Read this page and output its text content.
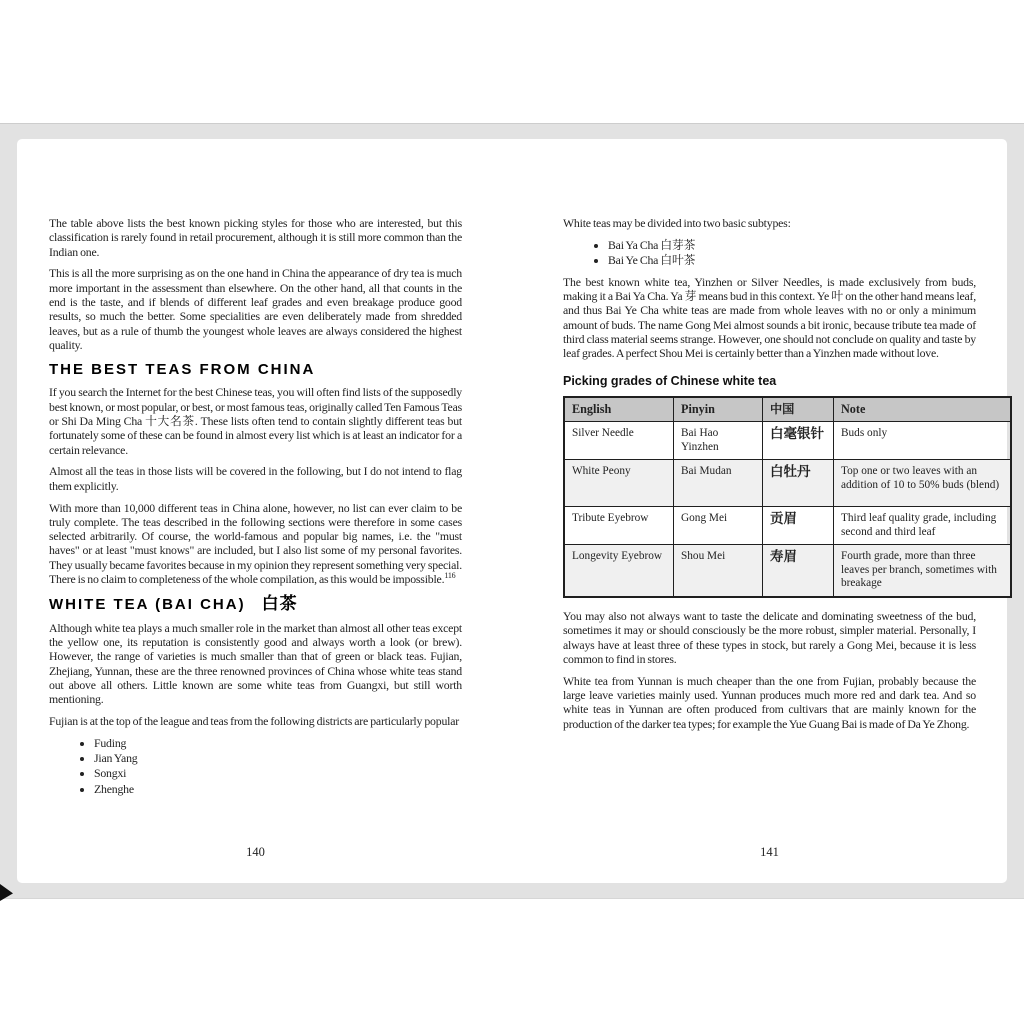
The table above lists the best known picking styles for those who are interested, but this classification is rarely found in retail procurement, although it is still more common than the Indian one.

This is all the more surprising as on the one hand in China the appearance of dry tea is much more important in the assessment than elsewhere. On the other hand, all that counts in the end is the taste, and if blends of different leaf grades and even breakage produce good results, so much the better. Some specialities are even deliberately made from shredded leaves, but as a rule of thumb the youngest whole leaves are always considered the highest quality.

THE BEST TEAS FROM CHINA

If you search the Internet for the best Chinese teas, you will often find lists of the supposedly best known, or most popular, or best, or most famous teas, originally called Ten Famous Teas or Shi Da Ming Cha 十大名茶. These lists often tend to contain slightly different teas but fortunately some of these can be found in almost every list which is at least an indicator for a certain relevance.

Almost all the teas in those lists will be covered in the following, but I do not intend to flag them explicitly.

With more than 10,000 different teas in China alone, however, no list can ever claim to be truly complete. The teas described in the following sections were therefore in some cases selected arbitrarily. Of course, the world-famous and popular big names, i.e. the "must haves" or at least "must knows" are included, but I also list some of my personal favorites. They usually became favorites because in my opinion they represent something very special. There is no claim to completeness of the whole compilation, as this would be impossible.$^{116}$

WHITE TEA (BAI CHA) 白茶

Although white tea plays a much smaller role in the market than almost all other teas except the yellow one, its reputation is consistently good and always worth a look (or brew). However, the range of varieties is much smaller than that of green or black teas. Fujian, Zhejiang, Yunnan, these are the three renowned provinces of China whose white teas stand out above all others. Little known are some white teas from Guangxi, but still worth mentioning.

Fujian is at the top of the league and teas from the following districts are particularly popular

• Fuding
• Jian Yang
• Songxi
• Zhenghe

White teas may be divided into two basic subtypes:

• Bai Ya Cha 白芽茶
• Bai Ye Cha 白叶茶

The best known white tea, Yinzhen or Silver Needles, is made exclusively from buds, making it a Bai Ya Cha. Ya 芽 means bud in this context. Ye 叶 on the other hand means leaf, and thus Bai Ye Cha white teas are made from whole leaves with no or only a minimum amount of buds. The name Gong Mei almost sounds a bit ironic, because tribute tea made of third class material seems strange. However, one should not conclude on quality and taste by leaf grades. A perfect Shou Mei is certainly better than a Yinzhen made without love.

Picking grades of Chinese white tea
English	Pinyin	中国	Note
Silver Needle	Bai Hao Yinzhen	白毫银针	Buds only
White Peony	Bai Mudan	白牡丹	Top one or two leaves with an addition of 10 to 50% buds (blend)
Tribute Eyebrow	Gong Mei	贡眉	Third leaf quality grade, including second and third leaf
Longevity Eyebrow	Shou Mei	寿眉	Fourth grade, more than three leaves per branch, sometimes with breakage

You may also not always want to taste the delicate and dominating sweetness of the bud, sometimes it may or should consciously be the more robust, simpler material. Personally, I always have at least three of these types in stock, but rarely a Gong Mei, because it is less common to find in stores.

White tea from Yunnan is much cheaper than the one from Fujian, probably because the large leave varieties mainly used. Yunnan produces much more red and dark tea. And so white teas in Yunnan are often produced from cultivars that are mainly known for the production of the darker tea types; for example the Yue Guang Bai is made of Da Ye Zhong.

140	141
